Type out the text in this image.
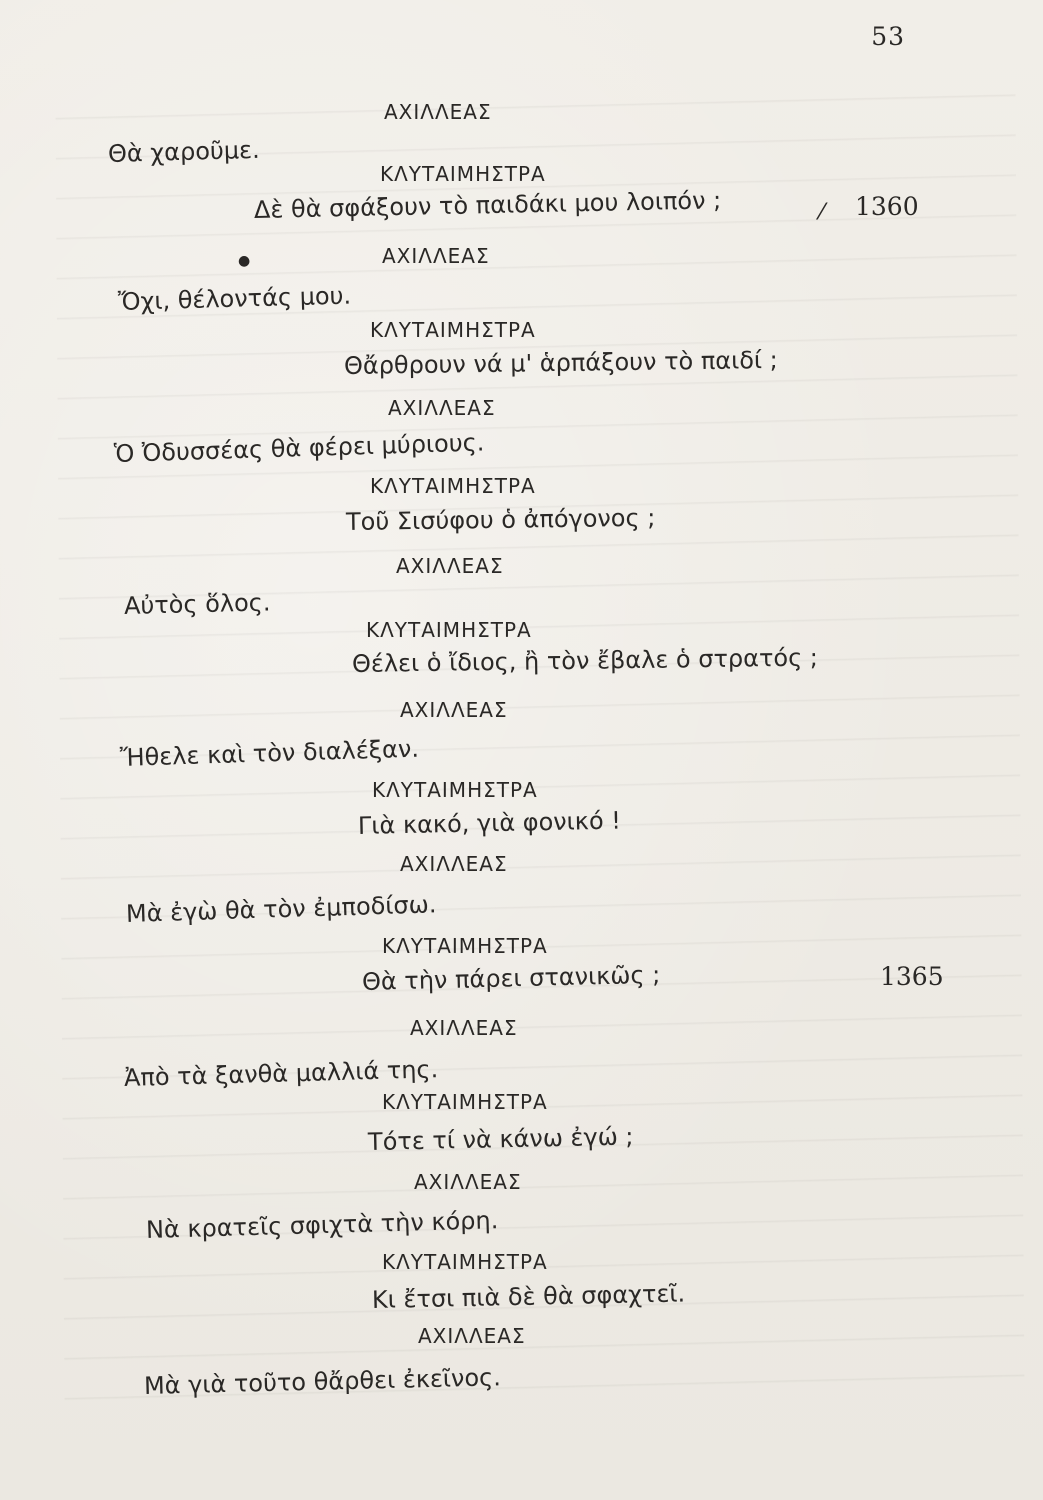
53
ΑΧΙΛΛΕΑΣ
Θὰ χαροῦμε.
ΚΛΥΤΑΙΜΗΣΤΡΑ
Δὲ θὰ σφάξουν τὸ παιδάκι μου λοιπόν ;	⁄ 1360
●	ΑΧΙΛΛΕΑΣ
Ὄχι, θέλοντάς μου.
ΚΛΥΤΑΙΜΗΣΤΡΑ
Θἄρθρουν νά μ' ἁρπάξουν τὸ παιδί ;
ΑΧΙΛΛΕΑΣ
Ὁ Ὀδυσσέας θὰ φέρει μύριους.
ΚΛΥΤΑΙΜΗΣΤΡΑ
Τοῦ Σισύφου ὁ ἀπόγονος ;
ΑΧΙΛΛΕΑΣ
Αὐτὸς ὅλος.
ΚΛΥΤΑΙΜΗΣΤΡΑ
Θέλει ὁ ἴδιος, ἢ τὸν ἔβαλε ὁ στρατός ;
ΑΧΙΛΛΕΑΣ
Ἤθελε καὶ τὸν διαλέξαν.
ΚΛΥΤΑΙΜΗΣΤΡΑ
Γιὰ κακό, γιὰ φονικό !
ΑΧΙΛΛΕΑΣ
Μὰ ἐγὼ θὰ τὸν ἐμποδίσω.
ΚΛΥΤΑΙΜΗΣΤΡΑ
Θὰ τὴν πάρει στανικῶς ;	1365
ΑΧΙΛΛΕΑΣ
Ἀπὸ τὰ ξανθὰ μαλλιά της.
ΚΛΥΤΑΙΜΗΣΤΡΑ
Τότε τί νὰ κάνω ἐγώ ;
ΑΧΙΛΛΕΑΣ
Νὰ κρατεῖς σφιχτὰ τὴν κόρη.
ΚΛΥΤΑΙΜΗΣΤΡΑ
Κι ἔτσι πιὰ δὲ θὰ σφαχτεῖ.
ΑΧΙΛΛΕΑΣ
Μὰ γιὰ τοῦτο θἄρθει ἐκεῖνος.
